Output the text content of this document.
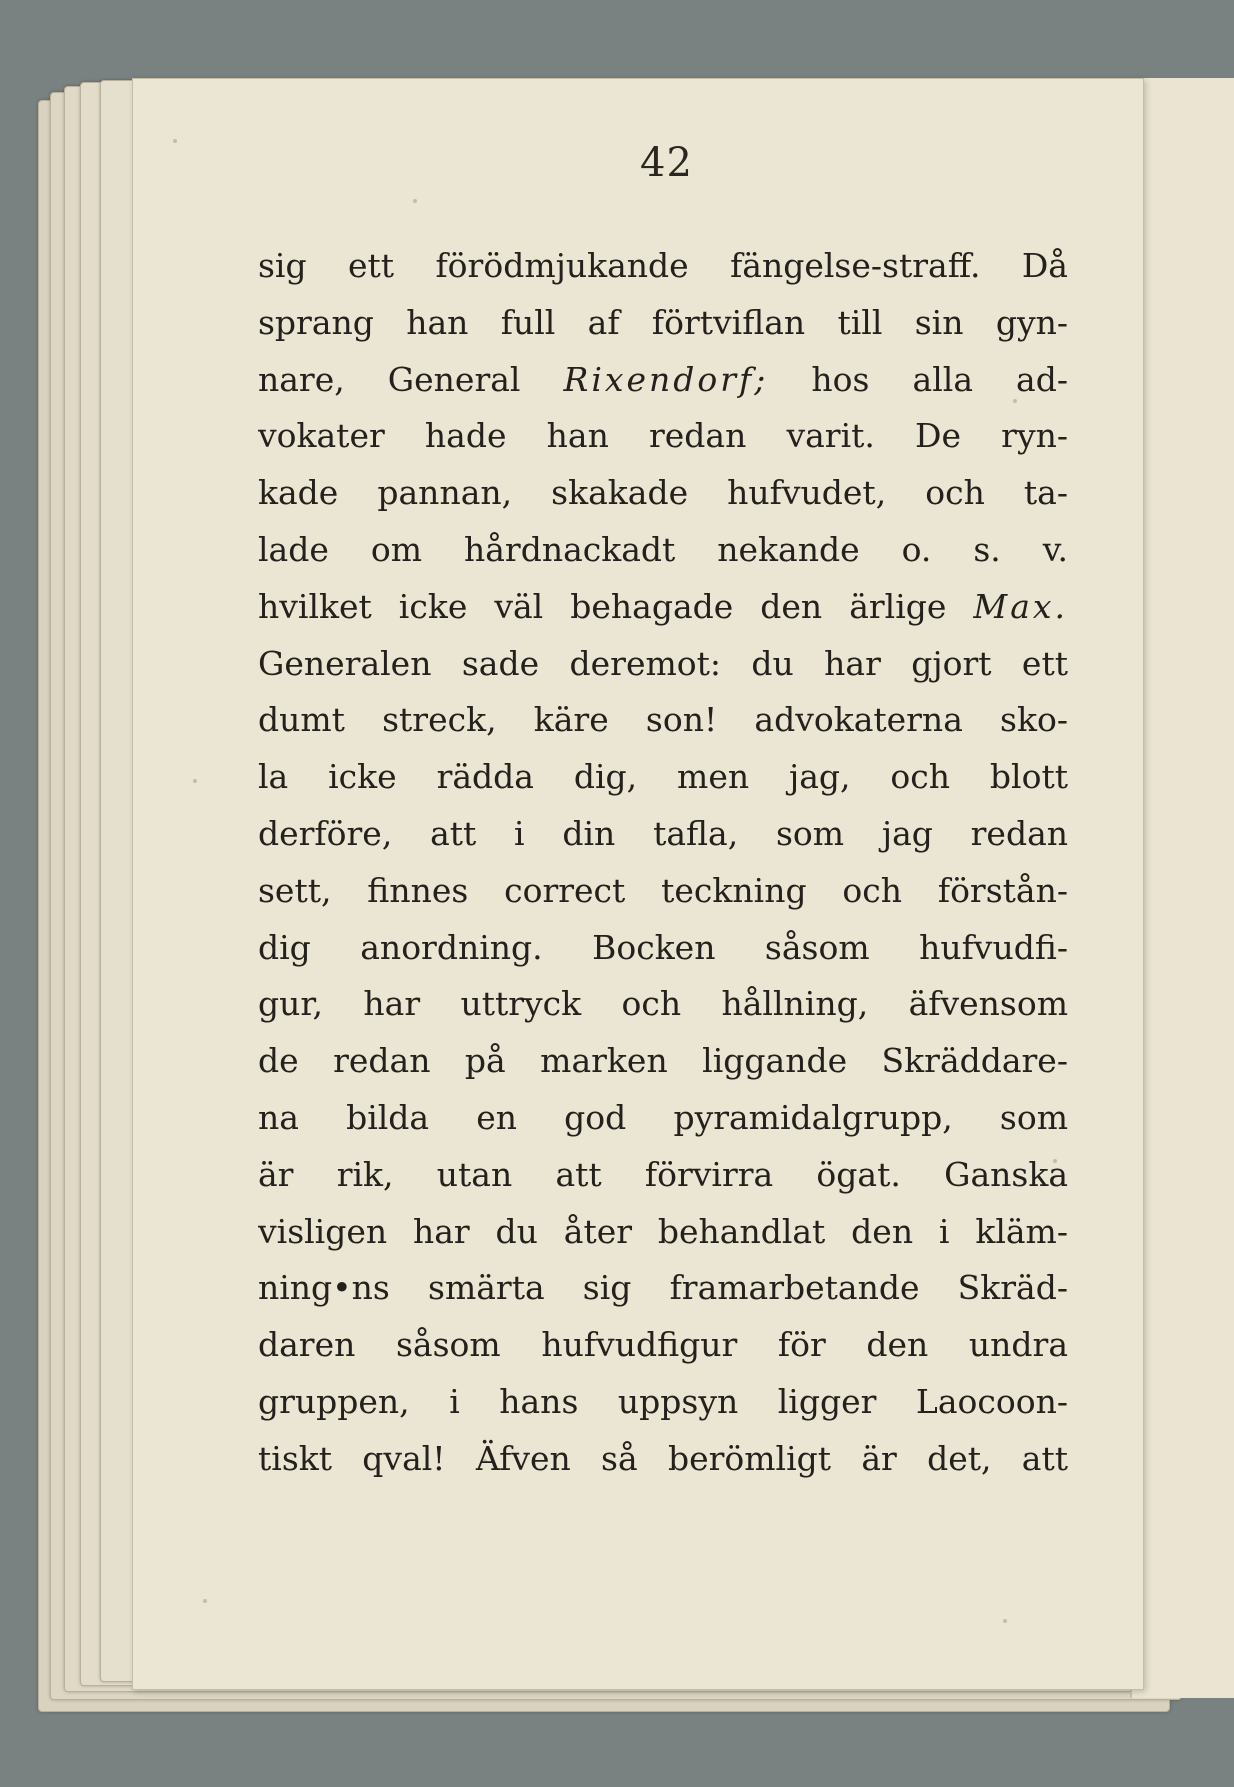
42
sig ett förödmjukande fängelse-straff. Då
sprang han full af förtviflan till sin gyn-
nare, General Rixendorf; hos alla ad-
vokater hade han redan varit. De ryn-
kade pannan, skakade hufvudet, och ta-
lade om hårdnackadt nekande o. s. v.
hvilket icke väl behagade den ärlige Max.
Generalen sade deremot: du har gjort ett
dumt streck, käre son! advokaterna sko-
la icke rädda dig, men jag, och blott
derföre, att i din tafla, som jag redan
sett, finnes correct teckning och förstån-
dig anordning. Bocken såsom hufvudfi-
gur, har uttryck och hållning, äfvensom
de redan på marken liggande Skräddare-
na bilda en god pyramidalgrupp, som
är rik, utan att förvirra ögat. Ganska
visligen har du åter behandlat den i kläm-
ning•ns smärta sig framarbetande Skräd-
daren såsom hufvudfigur för den undra
gruppen, i hans uppsyn ligger Laocoon-
tiskt qval! Äfven så berömligt är det, att
